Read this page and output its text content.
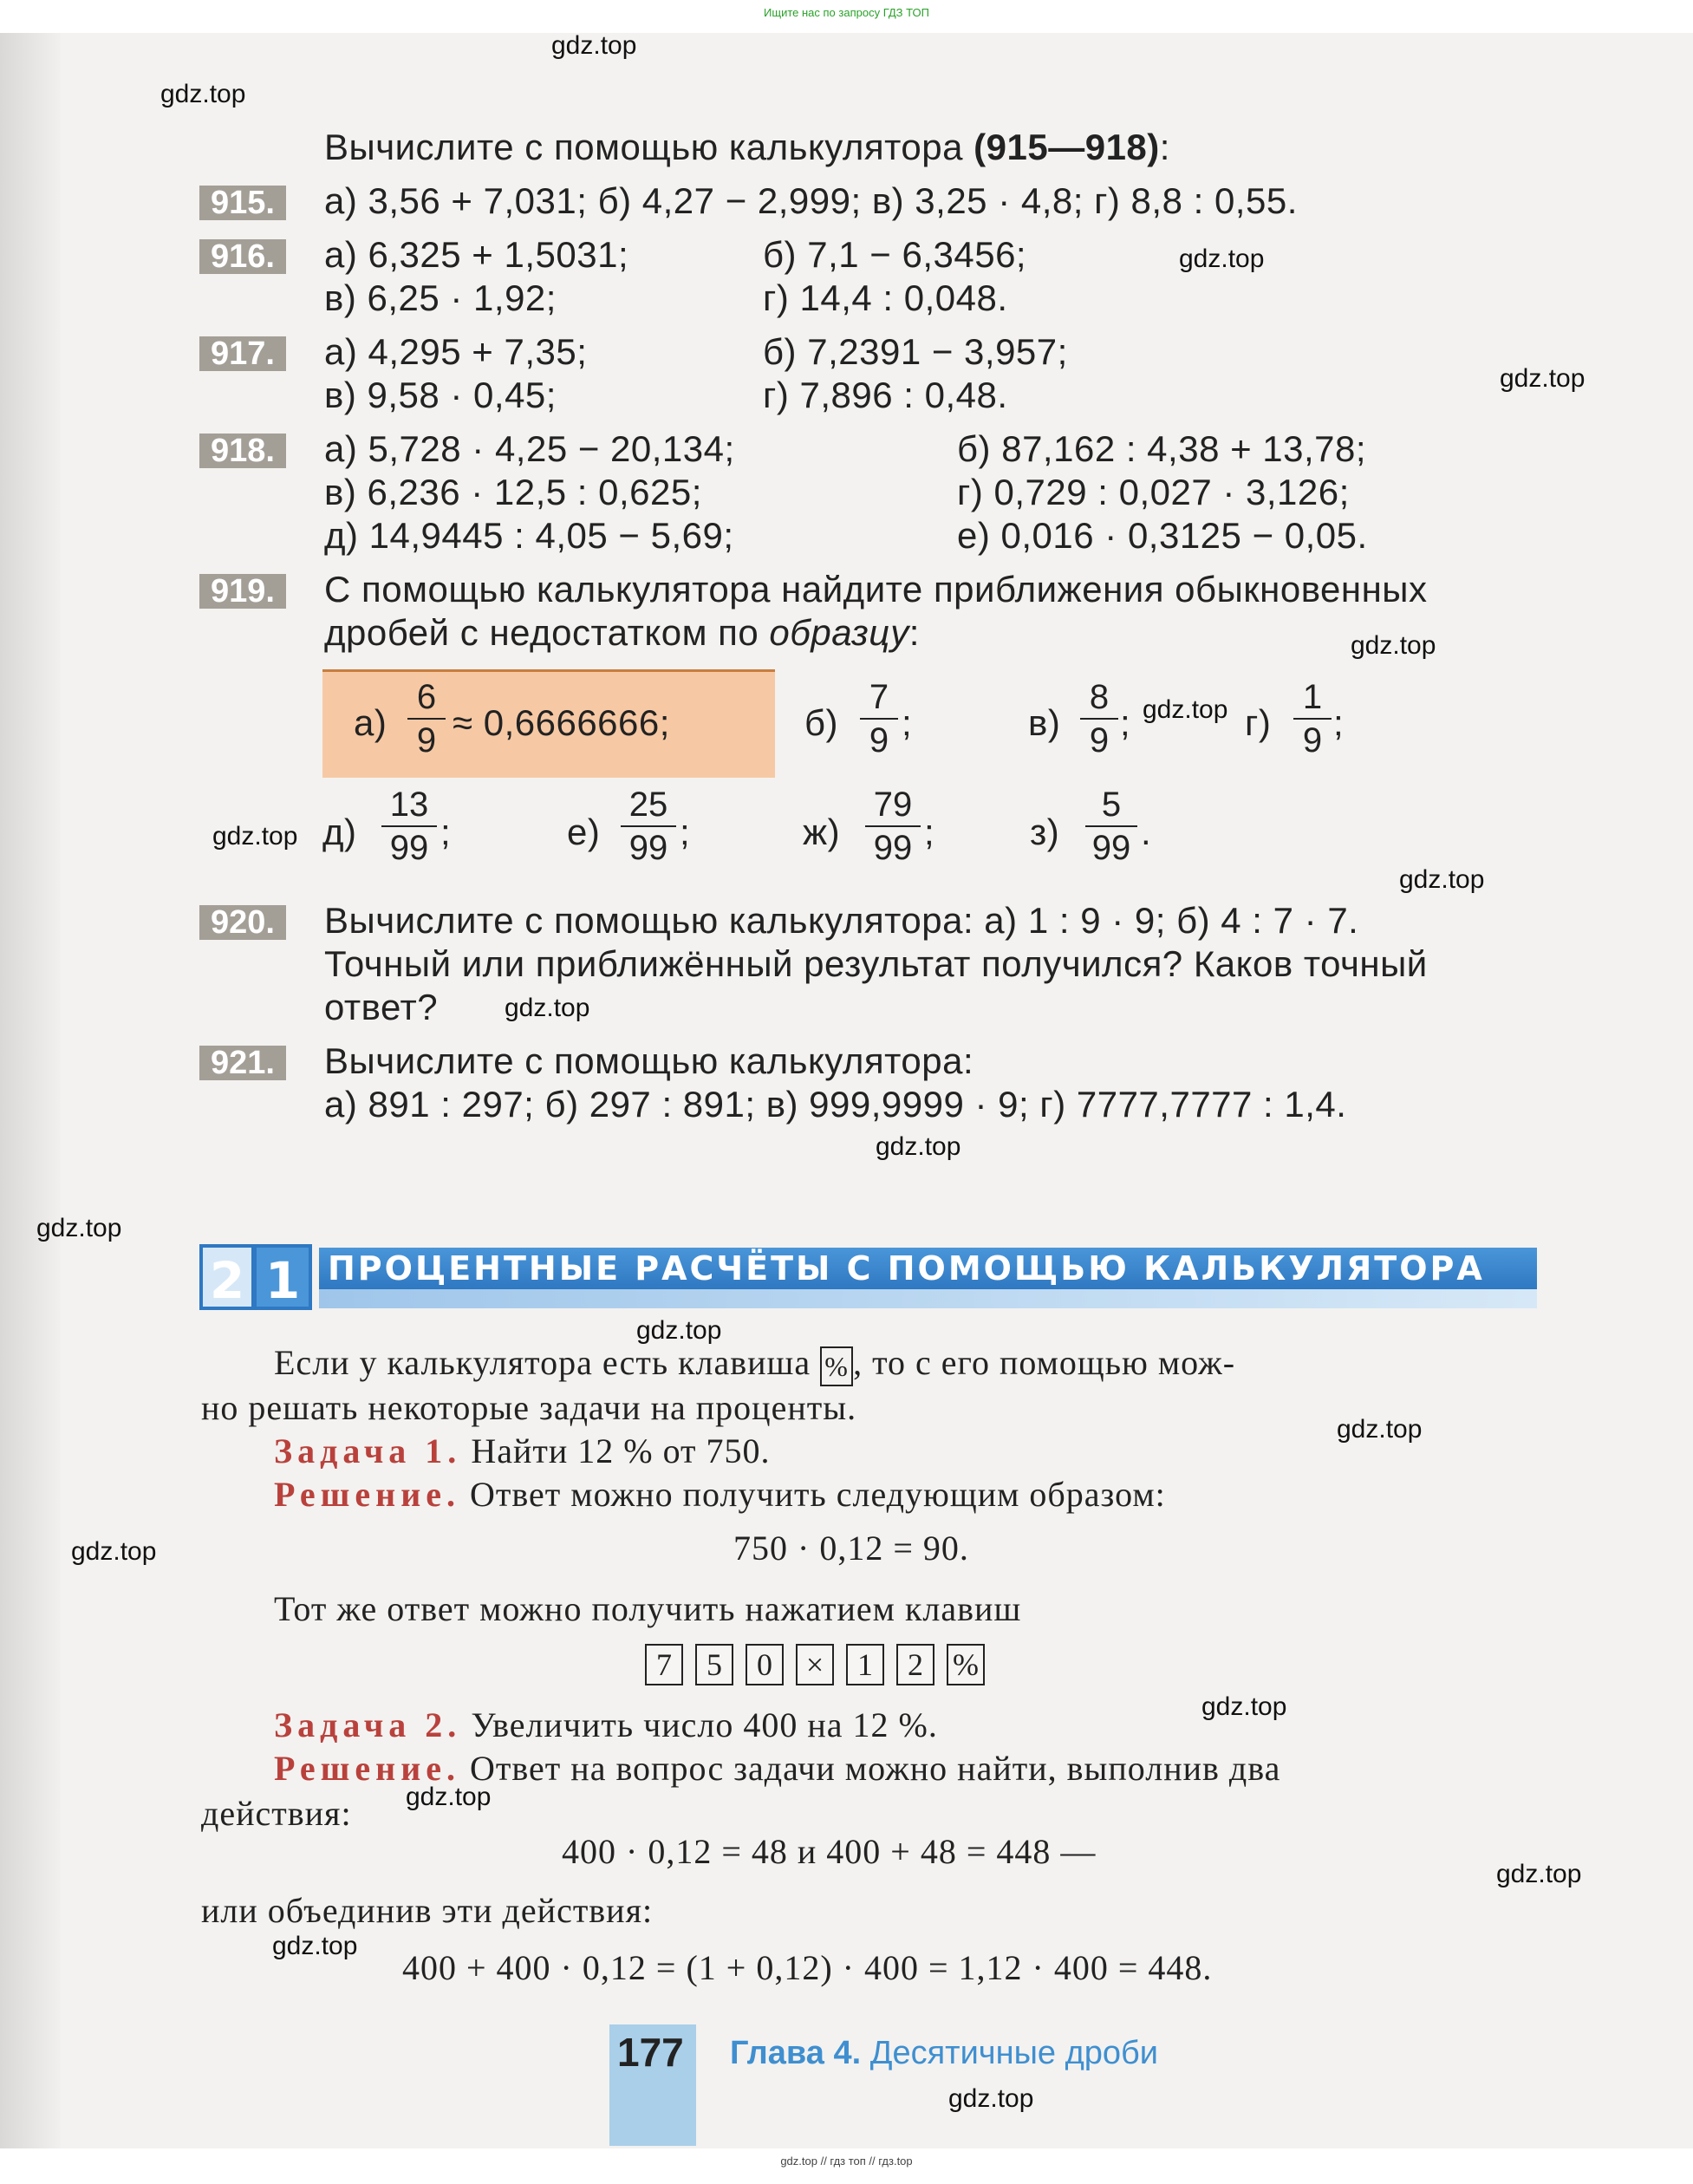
Ищите нас по запросу ГДЗ ТОП
gdz.top
gdz.top
gdz.top
gdz.top
gdz.top
gdz.top
gdz.top
gdz.top
gdz.top
gdz.top
gdz.top
gdz.top
gdz.top
gdz.top
gdz.top
gdz.top
gdz.top
gdz.top
gdz.top
Вычислите с помощью калькулятора (915—918):
915.	а) 3,56 + 7,031; б) 4,27 − 2,999; в) 3,25 · 4,8; г) 8,8 : 0,55.
916.	а) 6,325 + 1,5031;	б) 7,1 − 6,3456;
в) 6,25 · 1,92;	г) 14,4 : 0,048.
917.	а) 4,295 + 7,35;	б) 7,2391 − 3,957;
в) 9,58 · 0,45;	г) 7,896 : 0,48.
918.	а) 5,728 · 4,25 − 20,134;	б) 87,162 : 4,38 + 13,78;
в) 6,236 · 12,5 : 0,625;	г) 0,729 : 0,027 · 3,126;
д) 14,9445 : 4,05 − 5,69;	е) 0,016 · 0,3125 − 0,05.
919.	С помощью калькулятора найдите приближения обыкновенных
дробей с недостатком по образцу:
а)
6
9 ≈ 0,6666666;	б)
7
9 ;	в)
8
9 ;	г)
1
9 ;
д)
13
99 ;	е)
25
99 ;	ж)
79
99 ;	з)
5
99 .
920.	Вычислите с помощью калькулятора: а) 1 : 9 · 9; б) 4 : 7 · 7.
Точный или приближённый результат получился? Каков точный
ответ?
921.	Вычислите с помощью калькулятора:
а) 891 : 297; б) 297 : 891; в) 999,9999 · 9; г) 7777,7777 : 1,4.
2 1 ПРОЦЕНТНЫЕ РАСЧЁТЫ С ПОМОЩЬЮ КАЛЬКУЛЯТОРА
Если у калькулятора есть клавиша % , то с его помощью мож-
но решать некоторые задачи на проценты.
Задача 1. Найти 12 % от 750.
Решение. Ответ можно получить следующим образом:
750 · 0,12 = 90.
Тот же ответ можно получить нажатием клавиш
7 5 0 × 1 2 %
Задача 2. Увеличить число 400 на 12 %.
Решение. Ответ на вопрос задачи можно найти, выполнив два
действия:
400 · 0,12 = 48 и 400 + 48 = 448 —
или объединив эти действия:
400 + 400 · 0,12 = (1 + 0,12) · 400 = 1,12 · 400 = 448.
177 Глава 4. Десятичные дроби
gdz.top // гдз топ // гдз.top
